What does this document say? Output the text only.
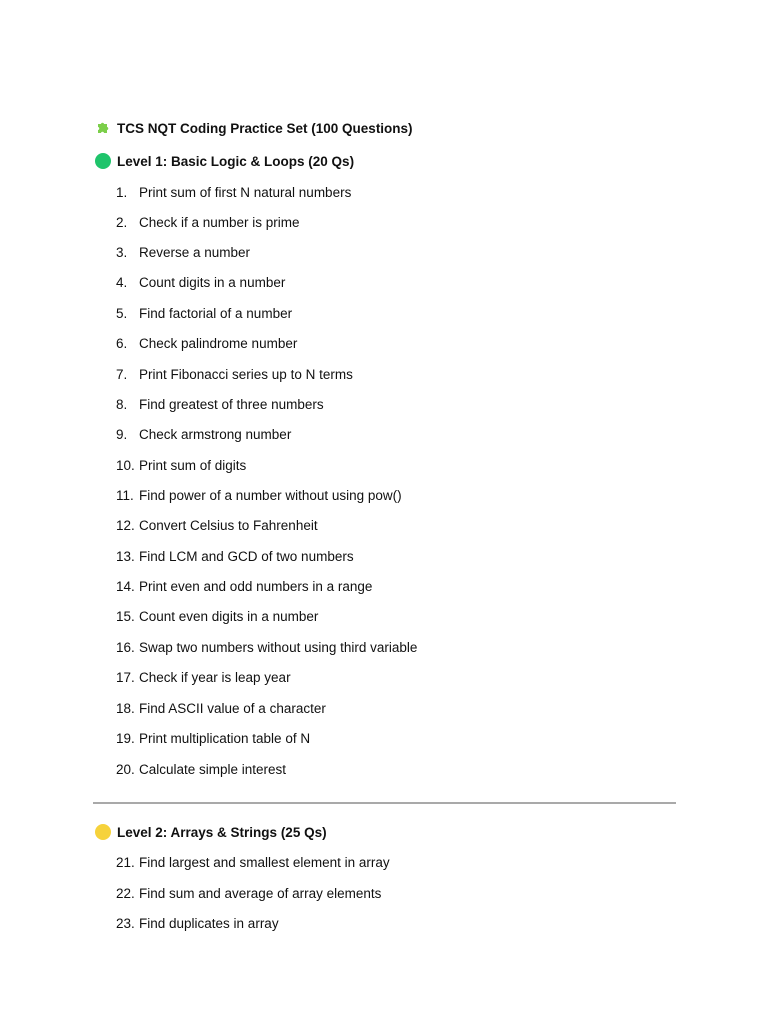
TCS NQT Coding Practice Set (100 Questions)
Level 1: Basic Logic & Loops (20 Qs)
1. Print sum of first N natural numbers
2. Check if a number is prime
3. Reverse a number
4. Count digits in a number
5. Find factorial of a number
6. Check palindrome number
7. Print Fibonacci series up to N terms
8. Find greatest of three numbers
9. Check armstrong number
10. Print sum of digits
11. Find power of a number without using pow()
12. Convert Celsius to Fahrenheit
13. Find LCM and GCD of two numbers
14. Print even and odd numbers in a range
15. Count even digits in a number
16. Swap two numbers without using third variable
17. Check if year is leap year
18. Find ASCII value of a character
19. Print multiplication table of N
20. Calculate simple interest
Level 2: Arrays & Strings (25 Qs)
21. Find largest and smallest element in array
22. Find sum and average of array elements
23. Find duplicates in array
